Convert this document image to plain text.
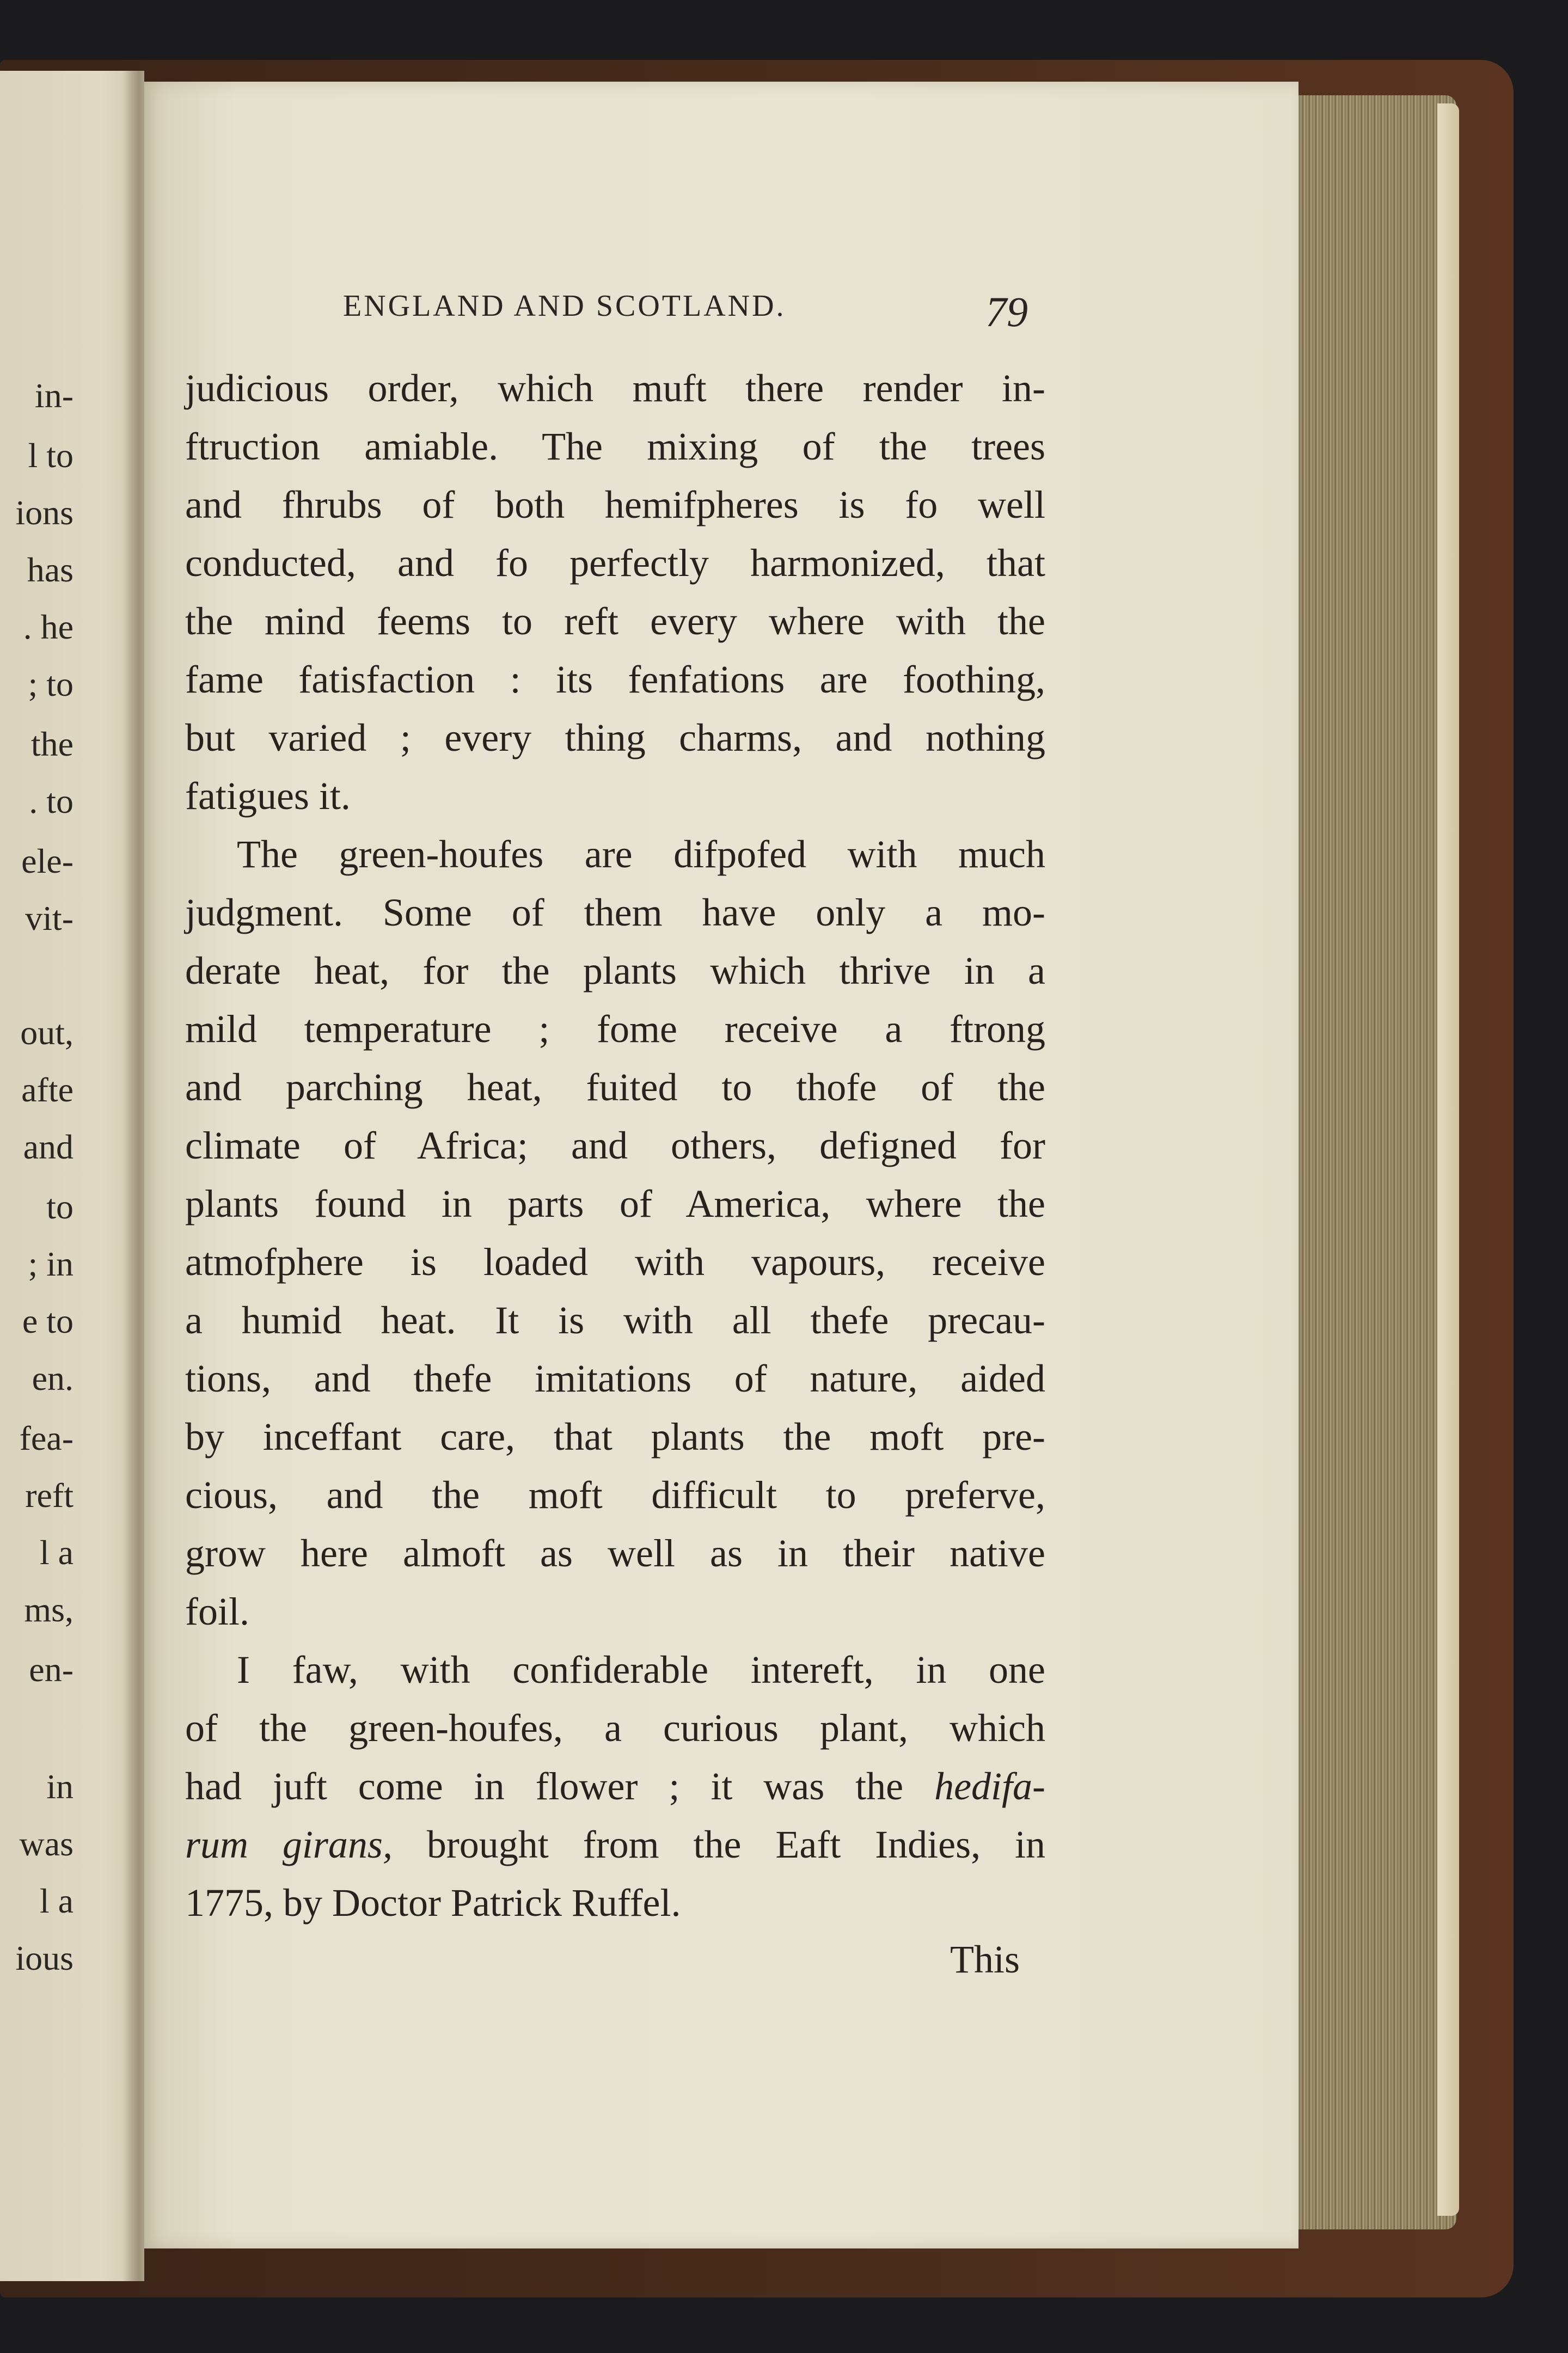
in-
l to
ions
has
. he
; to
the
. to
ele-
vit-
out,
afte
and
to
; in
e to
en.
fea-
reft
l a
ms,
en-
in
was
l a
ious
ENGLAND AND SCOTLAND.	79
judicious order, which muft there render in-
ftruction amiable. The mixing of the trees
and fhrubs of both hemifpheres is fo well
conducted, and fo perfectly harmonized, that
the mind feems to reft every where with the
fame fatisfaction : its fenfations are foothing,
but varied ; every thing charms, and nothing
fatigues it.
The green-houfes are difpofed with much
judgment. Some of them have only a mo-
derate heat, for the plants which thrive in a
mild temperature ; fome receive a ftrong
and parching heat, fuited to thofe of the
climate of Africa; and others, defigned for
plants found in parts of America, where the
atmofphere is loaded with vapours, receive
a humid heat. It is with all thefe precau-
tions, and thefe imitations of nature, aided
by inceffant care, that plants the moft pre-
cious, and the moft difficult to preferve,
grow here almoft as well as in their native
foil.
I faw, with confiderable intereft, in one
of the green-houfes, a curious plant, which
had juft come in flower ; it was the hedifa-
rum girans, brought from the Eaft Indies, in
1775, by Doctor Patrick Ruffel.
This
